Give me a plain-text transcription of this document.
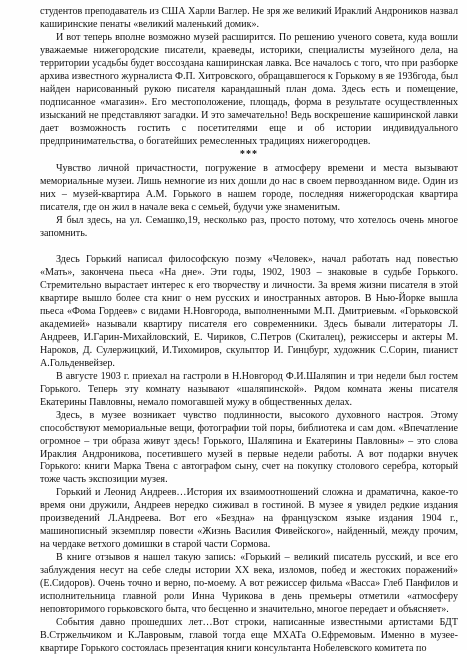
студентов преподаватель из США Харли Ваглер. Не зря же великий Ираклий Андроников назвал каширинские пенаты «великий маленький домик».

И вот теперь вполне возможно музей расширится. По решению ученого совета, куда вошли уважаемые нижегородские писатели, краеведы, историки, специалисты музейного дела, на территории усадьбы будет воссоздана каширинская лавка. Все началось с того, что при разборке архива известного журналиста Ф.П. Хитровского, обращавшегося к Горькому в яе 1936года, был найден нарисованный рукою писателя карандашный план дома. Здесь есть и помещение, подписанное «магазин». Его местоположение, площадь, форма в результате осуществленных изысканий не представляют загадки. И это замечательно! Ведь воскрешение каширинской лавки дает возможность гостить с посетителями еще и об истории индивидуального предпринимательства, о богатейших ремесленных традициях нижегородцев.

***

Чувство личной причастности, погружение в атмосферу времени и места вызывают мемориальные музеи. Лишь немногие из них дошли до нас в своем первозданном виде. Один из них – музей-квартира А.М. Горького в нашем городе, последняя нижегородская квартира писателя, где он жил в начале века с семьей, будучи уже знаменитым.

Я был здесь, на ул. Семашко,19, несколько раз, просто потому, что хотелось очень многое запомнить.

Здесь Горький написал философскую поэму «Человек», начал работать над повестью «Мать», закончена пьеса «На дне». Эти годы, 1902, 1903 – знаковые в судьбе Горького. Стремительно вырастает интерес к его творчеству и личности. За время жизни писателя в этой квартире вышло более ста книг о нем русских и иностранных авторов. В Нью-Йорке вышла пьеса «Фома Гордеев» с видами Н.Новгорода, выполненными М.П. Дмитриевым. «Горьковской академией» называли квартиру писателя его современники. Здесь бывали литераторы Л. Андреев, И.Гарин-Михайловский, Е. Чириков, С.Петров (Скиталец), режиссеры и актеры М. Нароков, Д. Сулержицкий, И.Тихомиров, скульптор И. Гинцбург, художник С.Сорин, пианист А.Гольденвейзер.

В августе 1903 г. приехал на гастроли в Н.Новгород Ф.И.Шаляпин и три недели был гостем Горького. Теперь эту комнату называют «шаляпинской». Рядом комната жены писателя Екатерины Павловны, немало помогавшей мужу в общественных делах.

Здесь, в музее возникает чувство подлинности, высокого духовного настроя. Этому способствуют мемориальные вещи, фотографии той поры, библиотека и сам дом. «Впечатление огромное – три образа живут здесь! Горького, Шаляпина и Екатерины Павловны» – это слова Ираклия Андроникова, посетившего музей в первые недели работы. А вот подарки внучек Горького: книги Марка Твена с автографом сыну, счет на покупку столового серебра, который тоже часть экспозиции музея.

Горький и Леонид Андреев…История их взаимоотношений сложна и драматична, какое-то время они дружили, Андреев нередко сиживал в гостиной. В музее я увидел редкие издания произведений Л.Андреева. Вот его «Бездна» на французском языке издания 1904 г., машинописный экземпляр повести «Жизнь Василия Фивейского», найденный, между прочим, на чердаке ветхого домишки в старой части Сормова.

В книге отзывов я нашел такую запись: «Горький – великий писатель русский, и все его заблуждения несут на себе следы истории XX века, изломов, побед и жестоких поражений» (Е.Сидоров). Очень точно и верно, по-моему. А вот режиссер фильма «Васса» Глеб Панфилов и исполнительница главной роли Инна Чурикова в день премьеры отметили «атмосферу неповторимого горьковского быта, что бесценно и значительно, многое передает и объясняет».

События давно прошедших лет…Вот строки, написанные известными артистами БДТ В.Стржельчиком и К.Лавровым, главой тогда еще МХАТа О.Ефремовым. Именно в музее-квартире Горького состоялась презентация книги консультанта Нобелевского комитета по
